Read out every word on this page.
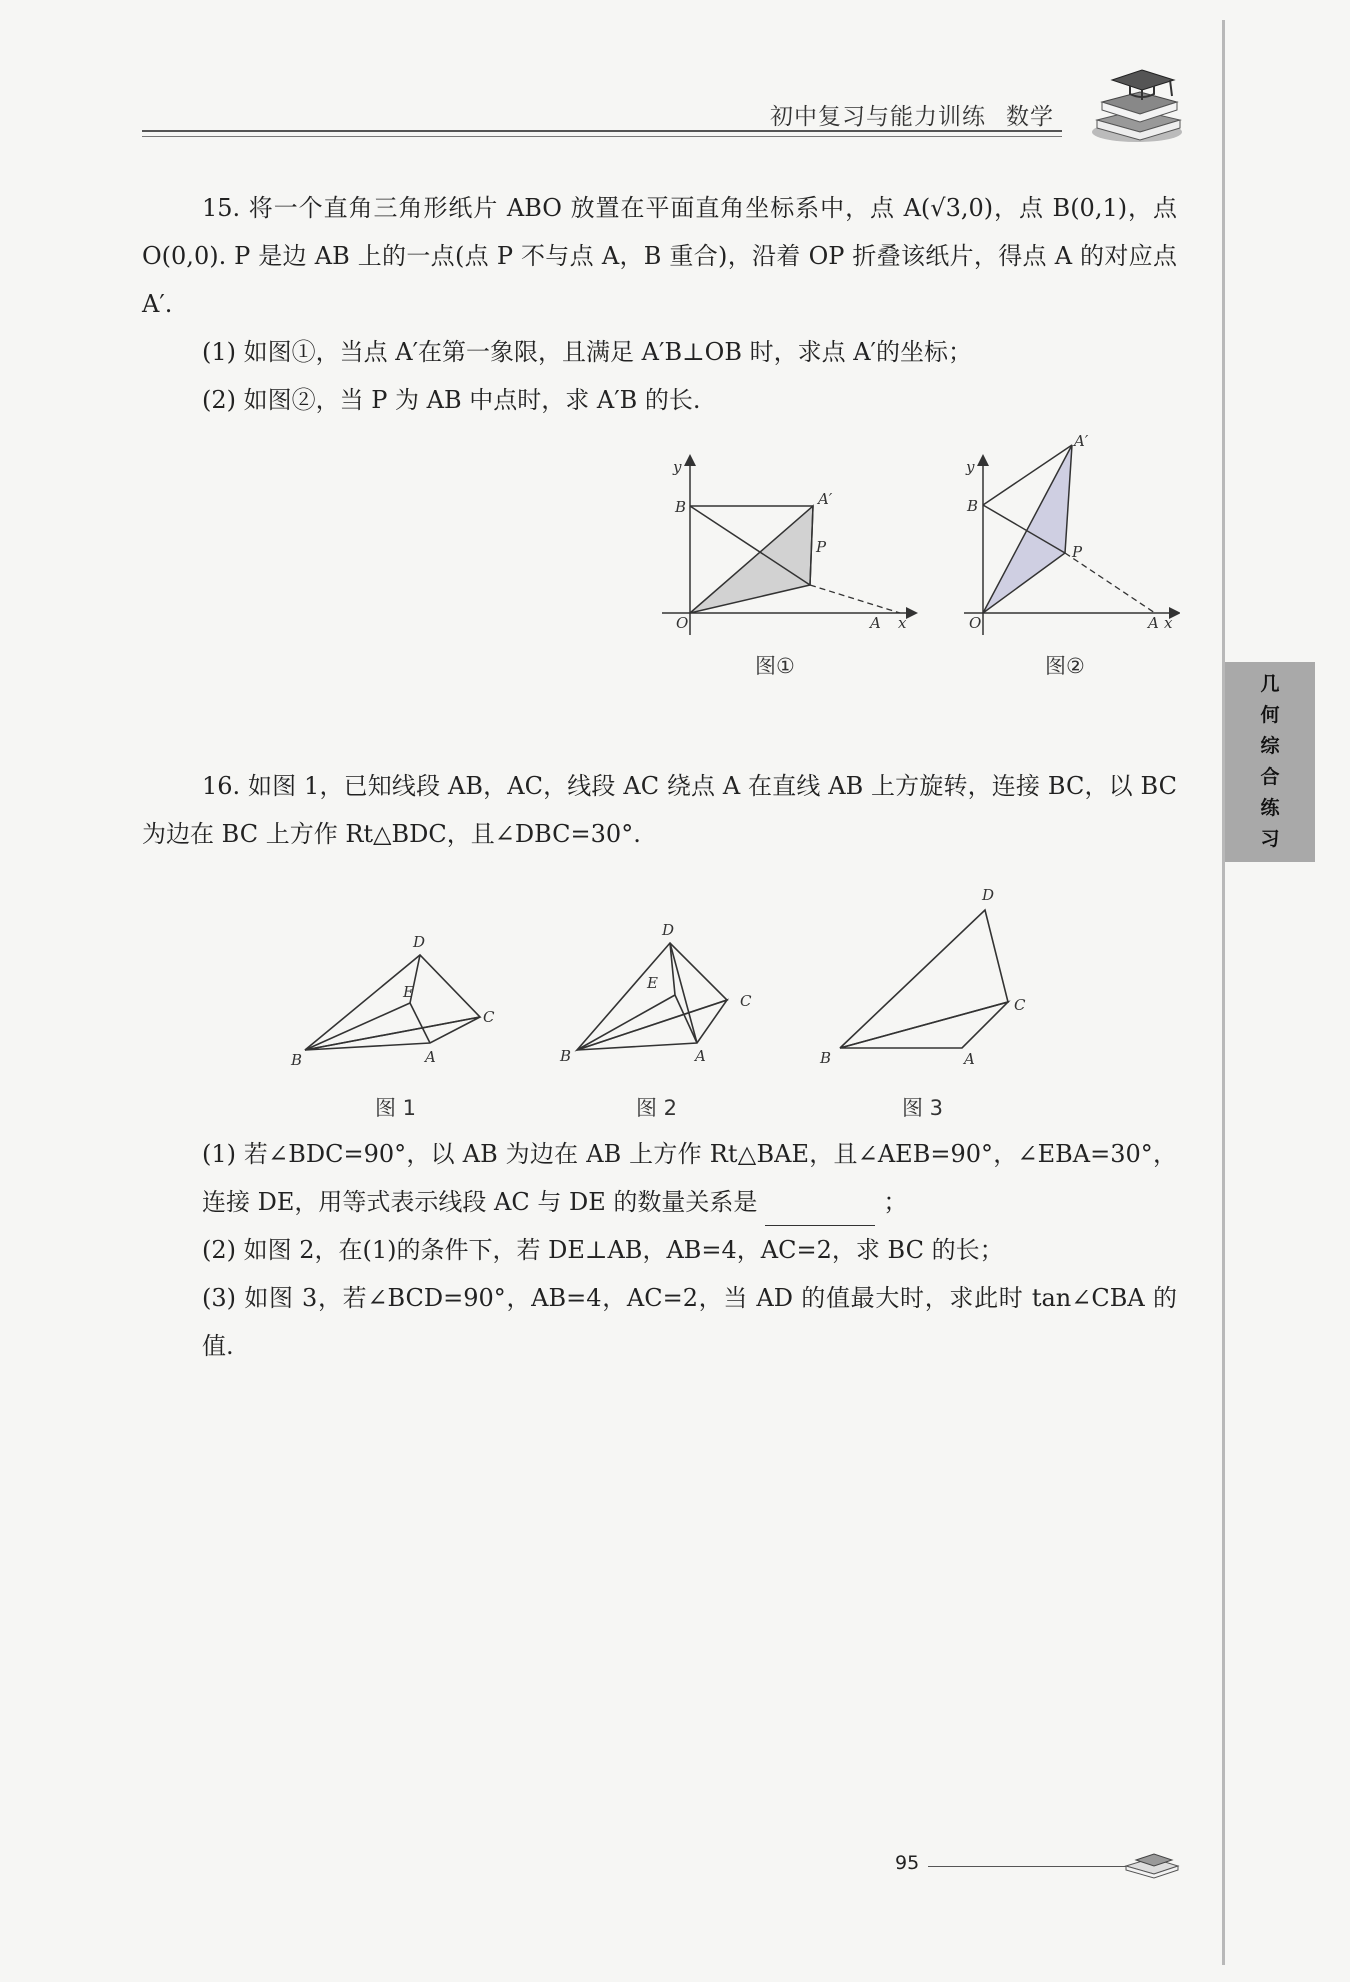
初中复习与能力训练 数学
几
何
综
合
练
习

15. 将一个直角三角形纸片 ABO 放置在平面直角坐标系中，点 A(√3,0)，点 B(0,1)，点 O(0,0). P 是边 AB 上的一点(点 P 不与点 A，B 重合)，沿着 OP 折叠该纸片，得点 A 的对应点 A′.

(1) 如图①，当点 A′在第一象限，且满足 A′B⊥OB 时，求点 A′的坐标；

(2) 如图②，当 P 为 AB 中点时，求 A′B 的长.

y
B	A′
P
O	A x
图①
y
A′
B
P
O	A x
图②

16. 如图 1，已知线段 AB，AC，线段 AC 绕点 A 在直线 AB 上方旋转，连接 BC，以 BC 为边在 BC 上方作 Rt△BDC，且∠DBC=30°.

D
E
C
B	A
图 1
D
E
C
B	A
图 2
D
C
B	A
图 3

(1) 若∠BDC=90°，以 AB 为边在 AB 上方作 Rt△BAE，且∠AEB=90°，∠EBA=30°，连接 DE，用等式表示线段 AC 与 DE 的数量关系是	；

(2) 如图 2，在(1)的条件下，若 DE⊥AB，AB=4，AC=2，求 BC 的长；

(3) 如图 3，若∠BCD=90°，AB=4，AC=2，当 AD 的值最大时，求此时 tan∠CBA 的值.

95
